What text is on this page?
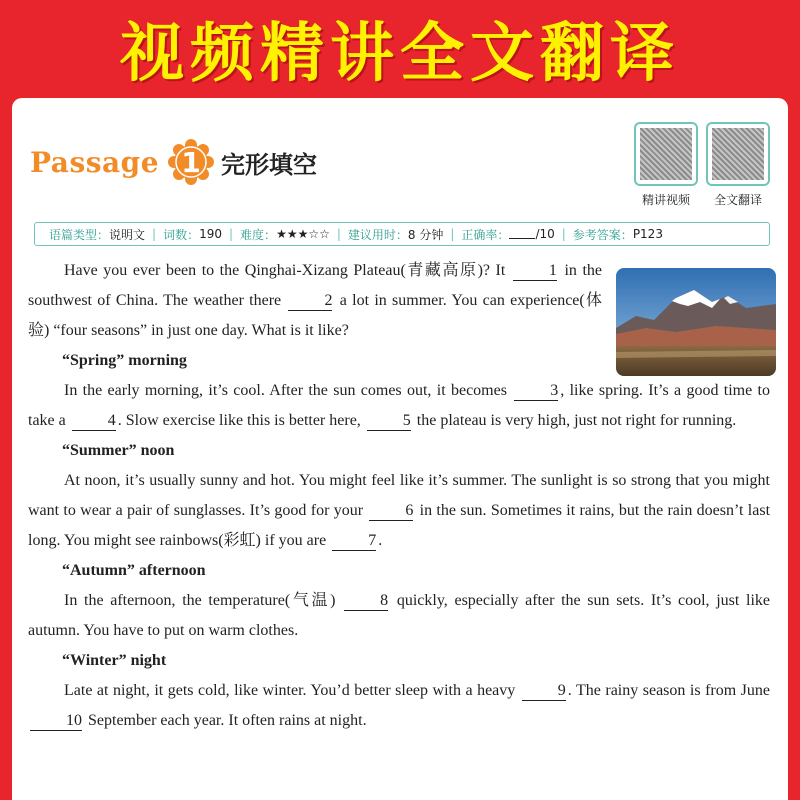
视频精讲全文翻译
Passage 1 完形填空
精讲视频 全文翻译
语篇类型： 说明文 | 词数： 190 | 难度： ★★★☆☆ | 建议用时： 8 分钟 | 正确率： /10 | 参考答案： P123

Have you ever been to the Qinghai-Xizang Plateau(青藏高原)? It	1 in the southwest of China. The weather there	2 a lot in summer. You can experience(体验) “four seasons” in just one day. What is it like?

“Spring” morning

In the early morning, it’s cool. After the sun comes out, it becomes	3 , like spring. It’s a good time to take a	4 . Slow exercise like this is better here,	5 the plateau is very high, just not right for running.

“Summer” noon

At noon, it’s usually sunny and hot. You might feel like it’s summer. The sunlight is so strong that you might want to wear a pair of sunglasses. It’s good for your	6 in the sun. Sometimes it rains, but the rain doesn’t last long. You might see rainbows(彩虹) if you are	7 .

“Autumn” afternoon

In the afternoon, the temperature(气温)	8 quickly, especially after the sun sets. It’s cool, just like autumn. You have to put on warm clothes.

“Winter” night

Late at night, it gets cold, like winter. You’d better sleep with a heavy	9 . The rainy season is from June 10 September each year. It often rains at night.
